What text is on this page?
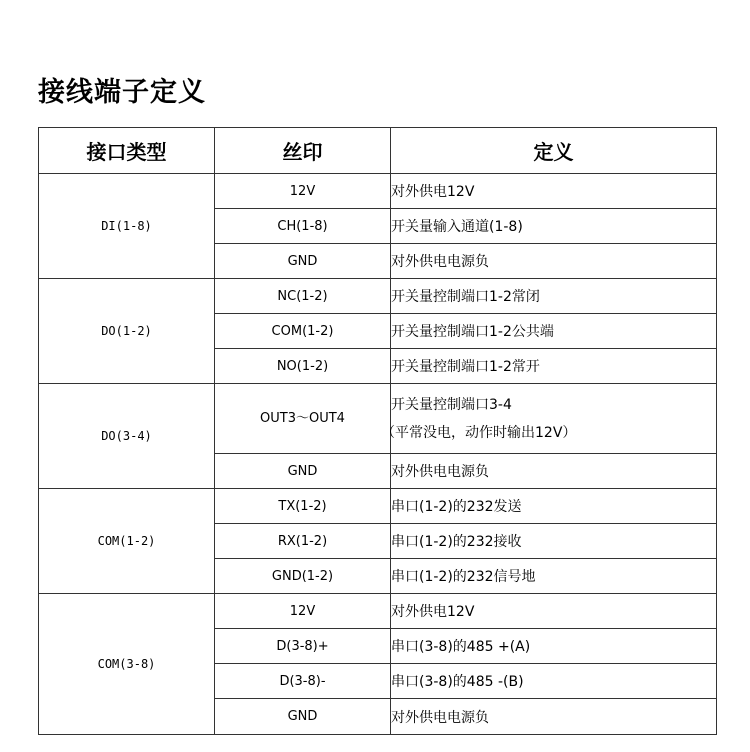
接线端子定义
接口类型	丝印	定义
DI(1-8)	12V	对外供电12V
	CH(1-8)	开关量输入通道(1-8)
	GND	对外供电电源负
DO(1-2)	NC(1-2)	开关量控制端口1-2常闭
	COM(1-2)	开关量控制端口1-2公共端
	NO(1-2)	开关量控制端口1-2常开
DO(3-4)	OUT3～OUT4	开关量控制端口3-4
（平常没电，动作时输出12V）

	GND	对外供电电源负
COM(1-2)	TX(1-2)	串口(1-2)的232发送
	RX(1-2)	串口(1-2)的232接收
	GND(1-2)	串口(1-2)的232信号地
COM(3-8)	12V	对外供电12V
	D(3-8)+	串口(3-8)的485 +(A)
	D(3-8)-	串口(3-8)的485 -(B)
	GND	对外供电电源负
